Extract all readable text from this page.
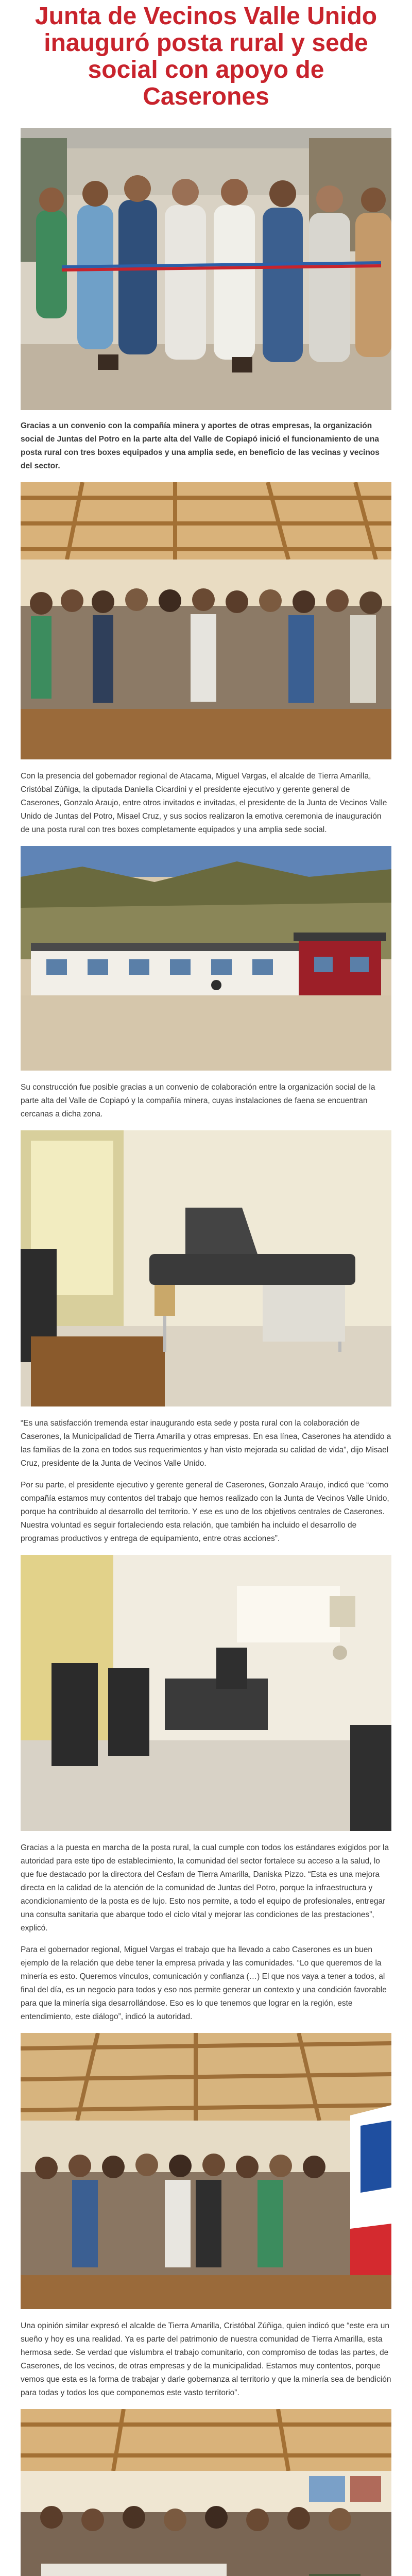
Junta de Vecinos Valle Unido inauguró posta rural y sede social con apoyo de Caserones

Gracias a un convenio con la compañía minera y aportes de otras empresas, la organización social de Juntas del Potro en la parte alta del Valle de Copiapó inició el funcionamiento de una posta rural con tres boxes equipados y una amplia sede, en beneficio de las vecinas y vecinos del sector.

Con la presencia del gobernador regional de Atacama, Miguel Vargas, el alcalde de Tierra Amarilla, Cristóbal Zúñiga, la diputada Daniella Cicardini y el presidente ejecutivo y gerente general de Caserones, Gonzalo Araujo, entre otros invitados e invitadas, el presidente de la Junta de Vecinos Valle Unido de Juntas del Potro, Misael Cruz, y sus socios realizaron la emotiva ceremonia de inauguración de una posta rural con tres boxes completamente equipados y una amplia sede social.

Su construcción fue posible gracias a un convenio de colaboración entre la organización social de la parte alta del Valle de Copiapó y la compañía minera, cuyas instalaciones de faena se encuentran cercanas a dicha zona.

“Es una satisfacción tremenda estar inaugurando esta sede y posta rural con la colaboración de Caserones, la Municipalidad de Tierra Amarilla y otras empresas. En esa línea, Caserones ha atendido a las familias de la zona en todos sus requerimientos y han visto mejorada su calidad de vida”, dijo Misael Cruz, presidente de la Junta de Vecinos Valle Unido.

Por su parte, el presidente ejecutivo y gerente general de Caserones, Gonzalo Araujo, indicó que “como compañía estamos muy contentos del trabajo que hemos realizado con la Junta de Vecinos Valle Unido, porque ha contribuido al desarrollo del territorio. Y ese es uno de los objetivos centrales de Caserones. Nuestra voluntad es seguir fortaleciendo esta relación, que también ha incluido el desarrollo de programas productivos y entrega de equipamiento, entre otras acciones”.

Gracias a la puesta en marcha de la posta rural, la cual cumple con todos los estándares exigidos por la autoridad para este tipo de establecimiento, la comunidad del sector fortalece su acceso a la salud, lo que fue destacado por la directora del Cesfam de Tierra Amarilla, Daniska Pizzo. “Esta es una mejora directa en la calidad de la atención de la comunidad de Juntas del Potro, porque la infraestructura y acondicionamiento de la posta es de lujo. Esto nos permite, a todo el equipo de profesionales, entregar una consulta sanitaria que abarque todo el ciclo vital y mejorar las condiciones de las prestaciones”, explicó.

Para el gobernador regional, Miguel Vargas el trabajo que ha llevado a cabo Caserones es un buen ejemplo de la relación que debe tener la empresa privada y las comunidades. “Lo que queremos de la minería es esto. Queremos vínculos, comunicación y confianza (…) El que nos vaya a tener a todos, al final del día, es un negocio para todos y eso nos permite generar un contexto y una condición favorable para que la minería siga desarrollándose. Eso es lo que tenemos que lograr en la región, este entendimiento, este diálogo”, indicó la autoridad.

Una opinión similar expresó el alcalde de Tierra Amarilla, Cristóbal Zúñiga, quien indicó que “este era un sueño y hoy es una realidad. Ya es parte del patrimonio de nuestra comunidad de Tierra Amarilla, esta hermosa sede. Se verdad que vislumbra el trabajo comunitario, con compromiso de todas las partes, de Caserones, de los vecinos, de otras empresas y de la municipalidad. Estamos muy contentos, porque vemos que esta es la forma de trabajar y darle gobernanza al territorio y que la minería sea de bendición para todas y todos los que componemos este vasto territorio”.
